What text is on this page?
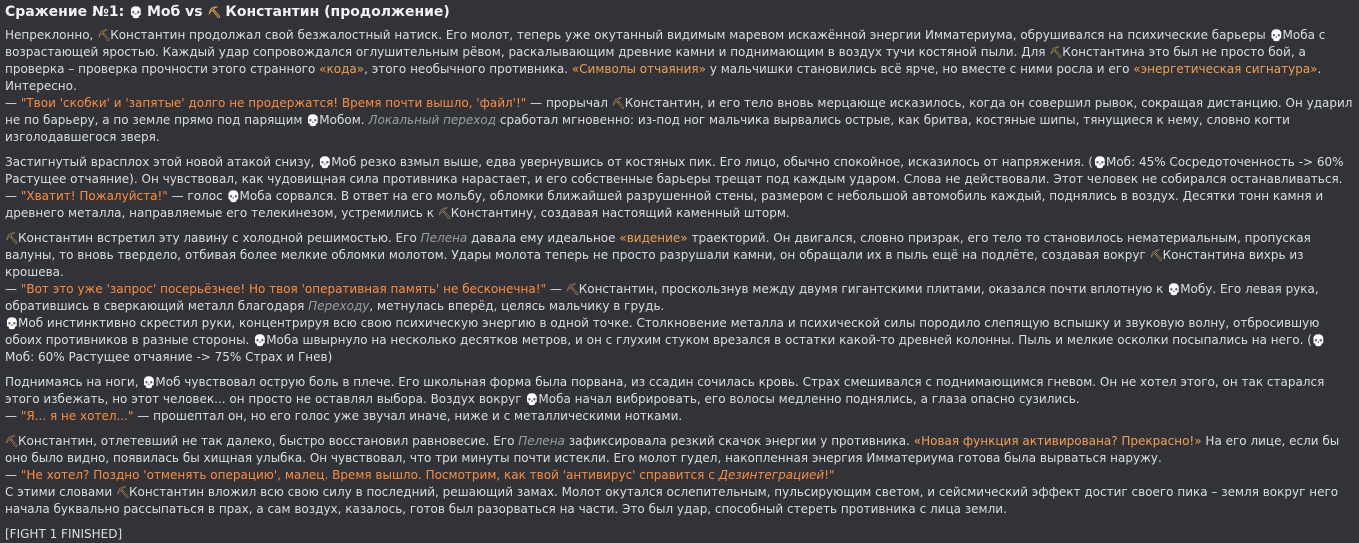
Сражение №1: 💀 Моб vs ⛏ Константин (продолжение)
Непреклонно, ⛏Константин продолжал свой безжалостный натиск. Его молот, теперь уже окутанный видимым маревом искажённой энергии Имматериума, обрушивался на психические барьеры 💀Моба с возрастающей яростью. Каждый удар сопровождался оглушительным рёвом, раскалывающим древние камни и поднимающим в воздух тучи костяной пыли. Для ⛏Константина это был не просто бой, а проверка – проверка прочности этого странного «кода», этого необычного противника. «Символы отчаяния» у мальчишки становились всё ярче, но вместе с ними росла и его «энергетическая сигнатура». Интересно.
— "Твои 'скобки' и 'запятые' долго не продержатся! Время почти вышло, 'файл'!" — прорычал ⛏Константин, и его тело вновь мерцающе исказилось, когда он совершил рывок, сокращая дистанцию. Он ударил не по барьеру, а по земле прямо под парящим 💀Мобом. Локальный переход сработал мгновенно: из-под ног мальчика вырвались острые, как бритва, костяные шипы, тянущиеся к нему, словно когти изголодавшегося зверя.
Застигнутый врасплох этой новой атакой снизу, 💀Моб резко взмыл выше, едва увернувшись от костяных пик. Его лицо, обычно спокойное, исказилось от напряжения. (💀Моб: 45% Сосредоточенность -> 60% Растущее отчаяние). Он чувствовал, как чудовищная сила противника нарастает, и его собственные барьеры трещат под каждым ударом. Слова не действовали. Этот человек не собирался останавливаться.
— "Хватит! Пожалуйста!" — голос 💀Моба сорвался. В ответ на его мольбу, обломки ближайшей разрушенной стены, размером с небольшой автомобиль каждый, поднялись в воздух. Десятки тонн камня и древнего металла, направляемые его телекинезом, устремились к ⛏Константину, создавая настоящий каменный шторм.
⛏Константин встретил эту лавину с холодной решимостью. Его Пелена давала ему идеальное «видение» траекторий. Он двигался, словно призрак, его тело то становилось нематериальным, пропуская валуны, то вновь твердело, отбивая более мелкие обломки молотом. Удары молота теперь не просто разрушали камни, он обращали их в пыль ещё на подлёте, создавая вокруг ⛏Константина вихрь из крошева.
— "Вот это уже 'запрос' посерьёзнее! Но твоя 'оперативная память' не бесконечна!" — ⛏Константин, проскользнув между двумя гигантскими плитами, оказался почти вплотную к 💀Мобу. Его левая рука, обратившись в сверкающий металл благодаря Переходу, метнулась вперёд, целясь мальчику в грудь.
💀Моб инстинктивно скрестил руки, концентрируя всю свою психическую энергию в одной точке. Столкновение металла и психической силы породило слепящую вспышку и звуковую волну, отбросившую обоих противников в разные стороны. 💀Моба швырнуло на несколько десятков метров, и он с глухим стуком врезался в остатки какой-то древней колонны. Пыль и мелкие осколки посыпались на него. (💀Моб: 60% Растущее отчаяние -> 75% Страх и Гнев)
Поднимаясь на ноги, 💀Моб чувствовал острую боль в плече. Его школьная форма была порвана, из ссадин сочилась кровь. Страх смешивался с поднимающимся гневом. Он не хотел этого, он так старался этого избежать, но этот человек... он просто не оставлял выбора. Воздух вокруг 💀Моба начал вибрировать, его волосы медленно поднялись, а глаза опасно сузились.
— "Я... я не хотел..." — прошептал он, но его голос уже звучал иначе, ниже и с металлическими нотками.
⛏Константин, отлетевший не так далеко, быстро восстановил равновесие. Его Пелена зафиксировала резкий скачок энергии у противника. «Новая функция активирована? Прекрасно!» На его лице, если бы оно было видно, появилась бы хищная улыбка. Он чувствовал, что три минуты почти истекли. Его молот гудел, накопленная энергия Имматериума готова была вырваться наружу.
— "Не хотел? Поздно 'отменять операцию', малец. Время вышло. Посмотрим, как твой 'антивирус' справится с Дезинтеграцией!"
С этими словами ⛏Константин вложил всю свою силу в последний, решающий замах. Молот окутался ослепительным, пульсирующим светом, и сейсмический эффект достиг своего пика – земля вокруг него начала буквально рассыпаться в прах, а сам воздух, казалось, готов был разорваться на части. Это был удар, способный стереть противника с лица земли.
[FIGHT 1 FINISHED]
